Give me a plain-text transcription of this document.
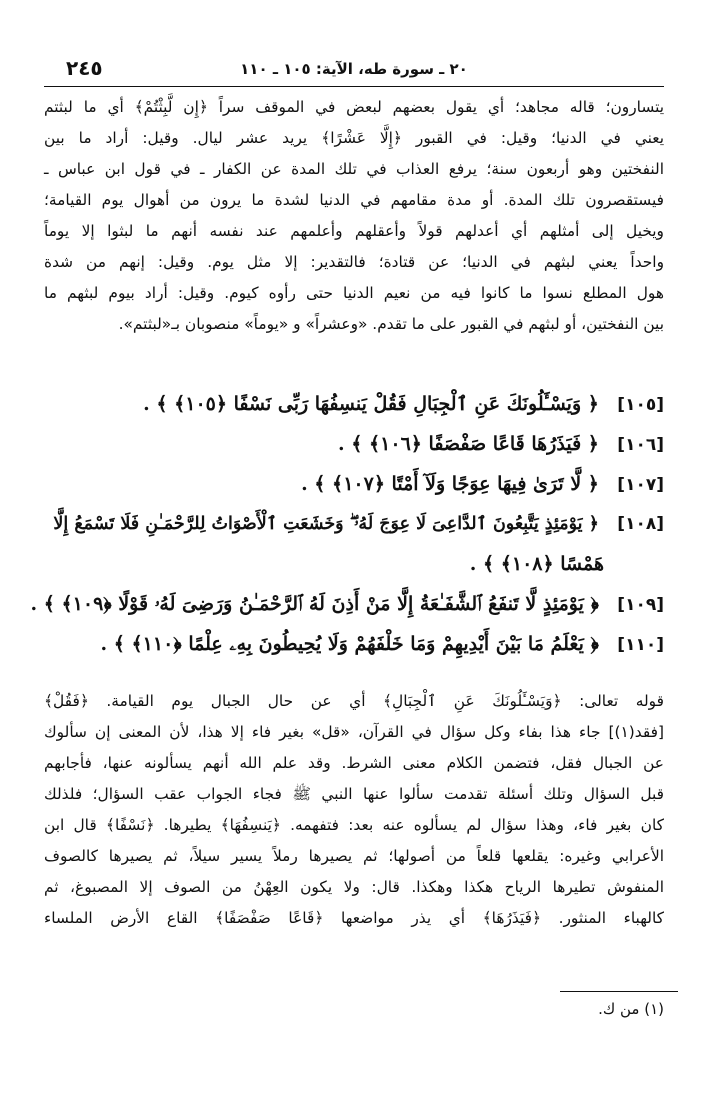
٢٤٥	٢٠ ـ سورة طه، الآية: ١٠٥ ـ ١١٠

يتسارون؛ قاله مجاهد؛ أي يقول بعضهم لبعض في الموقف سراً ﴿إِن لَّبِثْتُمْ﴾ أي ما لبثتم
يعني في الدنيا؛ وقيل: في القبور ﴿إِلَّا عَشْرًا﴾ يريد عشر ليال. وقيل: أراد ما بين
النفختين وهو أربعون سنة؛ يرفع العذاب في تلك المدة عن الكفار ـ في قول ابن عباس ـ
فيستقصرون تلك المدة. أو مدة مقامهم في الدنيا لشدة ما يرون من أهوال يوم القيامة؛
ويخيل إلى أمثلهم أي أعدلهم قولاً وأعقلهم وأعلمهم عند نفسه أنهم ما لبثوا إلا يوماً
واحداً يعني لبثهم في الدنيا؛ عن قتادة؛ فالتقدير: إلا مثل يوم. وقيل: إنهم من شدة
هول المطلع نسوا ما كانوا فيه من نعيم الدنيا حتى رأوه كيوم. وقيل: أراد بيوم لبثهم ما
بين النفختين، أو لبثهم في القبور على ما تقدم. «وعشراً» و «يوماً» منصوبان بـ«لبثتم».

[١٠٥] ﴿ وَيَسْـَٔلُونَكَ عَنِ ٱلْجِبَالِ فَقُلْ يَنسِفُهَا رَبِّى نَسْفًا ﴿١٠٥﴾ ﴾ .
[١٠٦] ﴿ فَيَذَرُهَا قَاعًا صَفْصَفًا ﴿١٠٦﴾ ﴾ .
[١٠٧] ﴿ لَّا تَرَىٰ فِيهَا عِوَجًا وَلَآ أَمْتًا ﴿١٠٧﴾ ﴾ .
[١٠٨] ﴿ يَوْمَئِذٍ يَتَّبِعُونَ ٱلدَّاعِىَ لَا عِوَجَ لَهُۥ ۖ وَخَشَعَتِ ٱلْأَصْوَاتُ لِلرَّحْمَـٰنِ فَلَا تَسْمَعُ إِلَّا
هَمْسًا ﴿١٠٨﴾ ﴾ .
[١٠٩] ﴿ يَوْمَئِذٍ لَّا تَنفَعُ ٱلشَّفَـٰعَةُ إِلَّا مَنْ أَذِنَ لَهُ ٱلرَّحْمَـٰنُ وَرَضِىَ لَهُۥ قَوْلًا ﴿١٠٩﴾ ﴾ .
[١١٠] ﴿ يَعْلَمُ مَا بَيْنَ أَيْدِيهِمْ وَمَا خَلْفَهُمْ وَلَا يُحِيطُونَ بِهِۦ عِلْمًا ﴿١١٠﴾ ﴾ .

قوله تعالى: ﴿وَيَسْـَٔلُونَكَ عَنِ ٱلْجِبَالِ﴾ أي عن حال الجبال يوم القيامة. ﴿فَقُلْ﴾
[فقد(١)] جاء هذا بفاء وكل سؤال في القرآن، «قل» بغير فاء إلا هذا، لأن المعنى إن سألوك
عن الجبال فقل، فتضمن الكلام معنى الشرط. وقد علم الله أنهم يسألونه عنها، فأجابهم
قبل السؤال وتلك أسئلة تقدمت سألوا عنها النبي ﷺ فجاء الجواب عقب السؤال؛ فلذلك
كان بغير فاء، وهذا سؤال لم يسألوه عنه بعد: فتفهمه. ﴿يَنسِفُهَا﴾ يطيرها. ﴿نَسْفًا﴾ قال ابن
الأعرابي وغيره: يقلعها قلعاً من أصولها؛ ثم يصيرها رملاً يسير سيلاً، ثم يصيرها كالصوف
المنفوش تطيرها الرياح هكذا وهكذا. قال: ولا يكون العِهْنُ من الصوف إلا المصبوغ، ثم
كالهباء المنثور. ﴿فَيَذَرُهَا﴾ أي يذر مواضعها ﴿قَاعًا صَفْصَفًا﴾ القاع الأرض الملساء

(١) من ك.
